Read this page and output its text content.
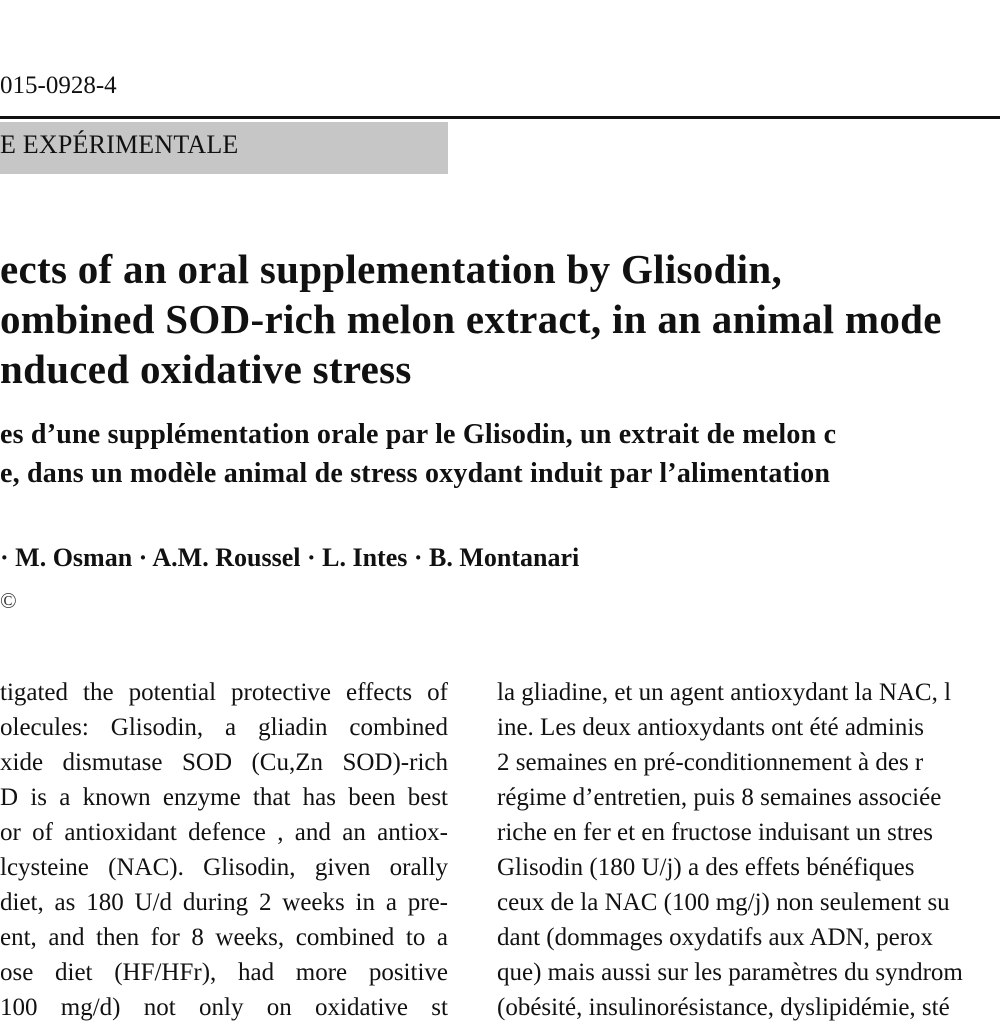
015-0928-4
E EXPÉRIMENTALE
ects of an oral supplementation by Glisodin,
ombined SOD-rich melon extract, in an animal mode
nduced oxidative stress
es d’une supplémentation orale par le Glisodin, un extrait de melon c
e, dans un modèle animal de stress oxydant induit par l’alimentation
· M. Osman · A.M. Roussel · L. Intes · B. Montanari
©
tigated the potential protective effects of
olecules: Glisodin, a gliadin combined
xide dismutase SOD (Cu,Zn SOD)-rich
D is a known enzyme that has been best
or of antioxidant defence , and an antiox-
lcysteine (NAC). Glisodin, given orally
diet, as 180 U/d during 2 weeks in a pre-
ent, and then for 8 weeks, combined to a
ose diet (HF/HFr), had more positive
100 mg/d) not only on oxidative st
la gliadine, et un agent antioxydant la NAC, l
ine. Les deux antioxydants ont été adminis
2 semaines en pré-conditionnement à des r
régime d’entretien, puis 8 semaines associée
riche en fer et en fructose induisant un stres
Glisodin (180 U/j) a des effets bénéfiques
ceux de la NAC (100 mg/j) non seulement su
dant (dommages oxydatifs aux ADN, perox
que) mais aussi sur les paramètres du syndrom
(obésité, insulinorésistance, dyslipidémie, sté
